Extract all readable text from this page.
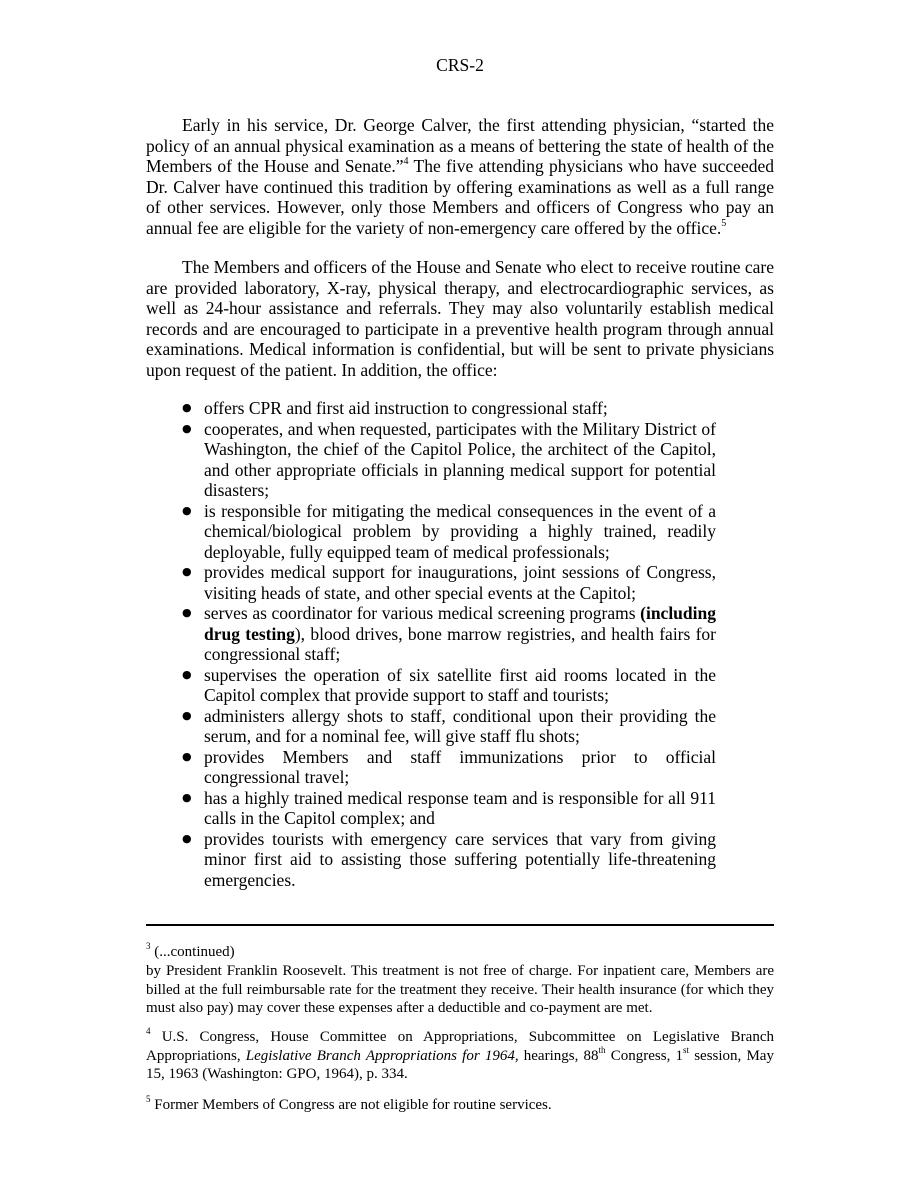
CRS-2

Early in his service, Dr. George Calver, the first attending physician, “started the policy of an annual physical examination as a means of bettering the state of health of the Members of the House and Senate.”$^4$ The five attending physicians who have succeeded Dr. Calver have continued this tradition by offering examinations as well as a full range of other services. However, only those Members and officers of Congress who pay an annual fee are eligible for the variety of non-emergency care offered by the office.$^5$

The Members and officers of the House and Senate who elect to receive routine care are provided laboratory, X-ray, physical therapy, and electrocardiographic services, as well as 24-hour assistance and referrals. They may also voluntarily establish medical records and are encouraged to participate in a preventive health program through annual examinations. Medical information is confidential, but will be sent to private physicians upon request of the patient. In addition, the office:

● offers CPR and first aid instruction to congressional staff;
● cooperates, and when requested, participates with the Military District of Washington, the chief of the Capitol Police, the architect of the Capitol, and other appropriate officials in planning medical support for potential disasters;
● is responsible for mitigating the medical consequences in the event of a chemical/biological problem by providing a highly trained, readily deployable, fully equipped team of medical professionals;
● provides medical support for inaugurations, joint sessions of Congress, visiting heads of state, and other special events at the Capitol;
● serves as coordinator for various medical screening programs (including drug testing), blood drives, bone marrow registries, and health fairs for congressional staff;
● supervises the operation of six satellite first aid rooms located in the Capitol complex that provide support to staff and tourists;
● administers allergy shots to staff, conditional upon their providing the serum, and for a nominal fee, will give staff flu shots;
● provides Members and staff immunizations prior to official congressional travel;
● has a highly trained medical response team and is responsible for all 911 calls in the Capitol complex; and
● provides tourists with emergency care services that vary from giving minor first aid to assisting those suffering potentially life-threatening emergencies.

$^3$ (...continued)

by President Franklin Roosevelt. This treatment is not free of charge. For inpatient care, Members are billed at the full reimbursable rate for the treatment they receive. Their health insurance (for which they must also pay) may cover these expenses after a deductible and co-payment are met.

$^4$ U.S. Congress, House Committee on Appropriations, Subcommittee on Legislative Branch Appropriations, Legislative Branch Appropriations for 1964, hearings, 88th Congress, 1st session, May 15, 1963 (Washington: GPO, 1964), p. 334.

$^5$ Former Members of Congress are not eligible for routine services.
